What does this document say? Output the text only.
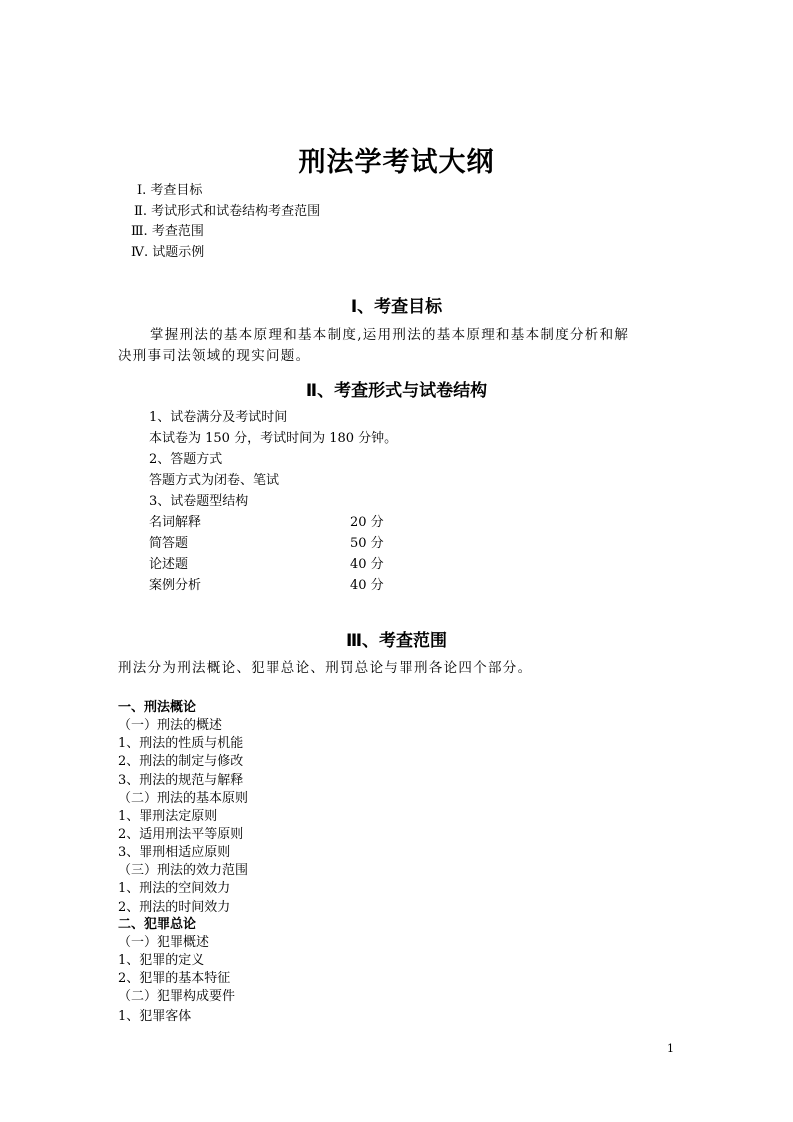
刑法学考试大纲
Ⅰ. 考查目标
Ⅱ. 考试形式和试卷结构考查范围
Ⅲ. 考查范围
Ⅳ. 试题示例
Ⅰ、考查目标
掌握刑法的基本原理和基本制度,运用刑法的基本原理和基本制度分析和解
决刑事司法领域的现实问题。
Ⅱ、考查形式与试卷结构
1、试卷满分及考试时间
本试卷为 150 分，考试时间为 180 分钟。
2、答题方式
答题方式为闭卷、笔试
3、试卷题型结构
名词解释	20 分
简答题	50 分
论述题	40 分
案例分析	40 分
Ⅲ、考查范围
刑法分为刑法概论、犯罪总论、刑罚总论与罪刑各论四个部分。
一、刑法概论
（一）刑法的概述
1、刑法的性质与机能
2、刑法的制定与修改
3、刑法的规范与解释
（二）刑法的基本原则
1、罪刑法定原则
2、适用刑法平等原则
3、罪刑相适应原则
（三）刑法的效力范围
1、刑法的空间效力
2、刑法的时间效力
二、犯罪总论
（一）犯罪概述
1、犯罪的定义
2、犯罪的基本特征
（二）犯罪构成要件
1、犯罪客体
1
